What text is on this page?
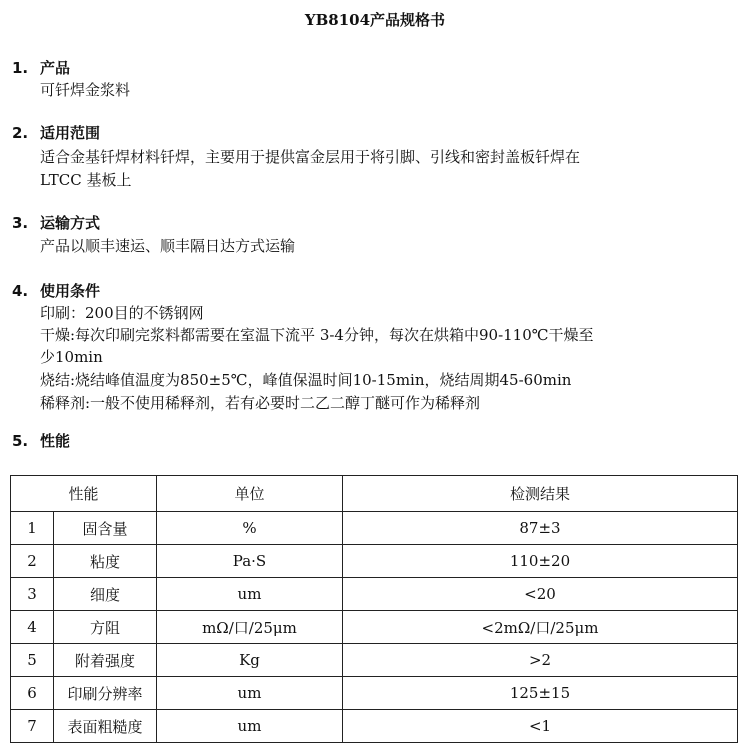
YB8104产品规格书
1. 产品
可钎焊金浆料
2. 适用范围
适合金基钎焊材料钎焊，主要用于提供富金层用于将引脚、引线和密封盖板钎焊在
LTCC 基板上
3. 运输方式
产品以顺丰速运、顺丰隔日达方式运输
4. 使用条件
印刷：200目的不锈钢网
干燥:每次印刷完浆料都需要在室温下流平 3-4分钟，每次在烘箱中90-110℃干燥至
少10min
烧结:烧结峰值温度为850±5℃，峰值保温时间10-15min，烧结周期45-60min
稀释剂:一般不使用稀释剂，若有必要时二乙二醇丁醚可作为稀释剂
5. 性能
性能		单位	检测结果
1	固含量	%	87±3
2	粘度	Pa·S	110±20
3	细度	um	<20
4	方阻	mΩ/口/25μm	<2mΩ/口/25μm
5	附着强度	Kg	>2
6	印刷分辨率	um	125±15
7	表面粗糙度	um	<1
